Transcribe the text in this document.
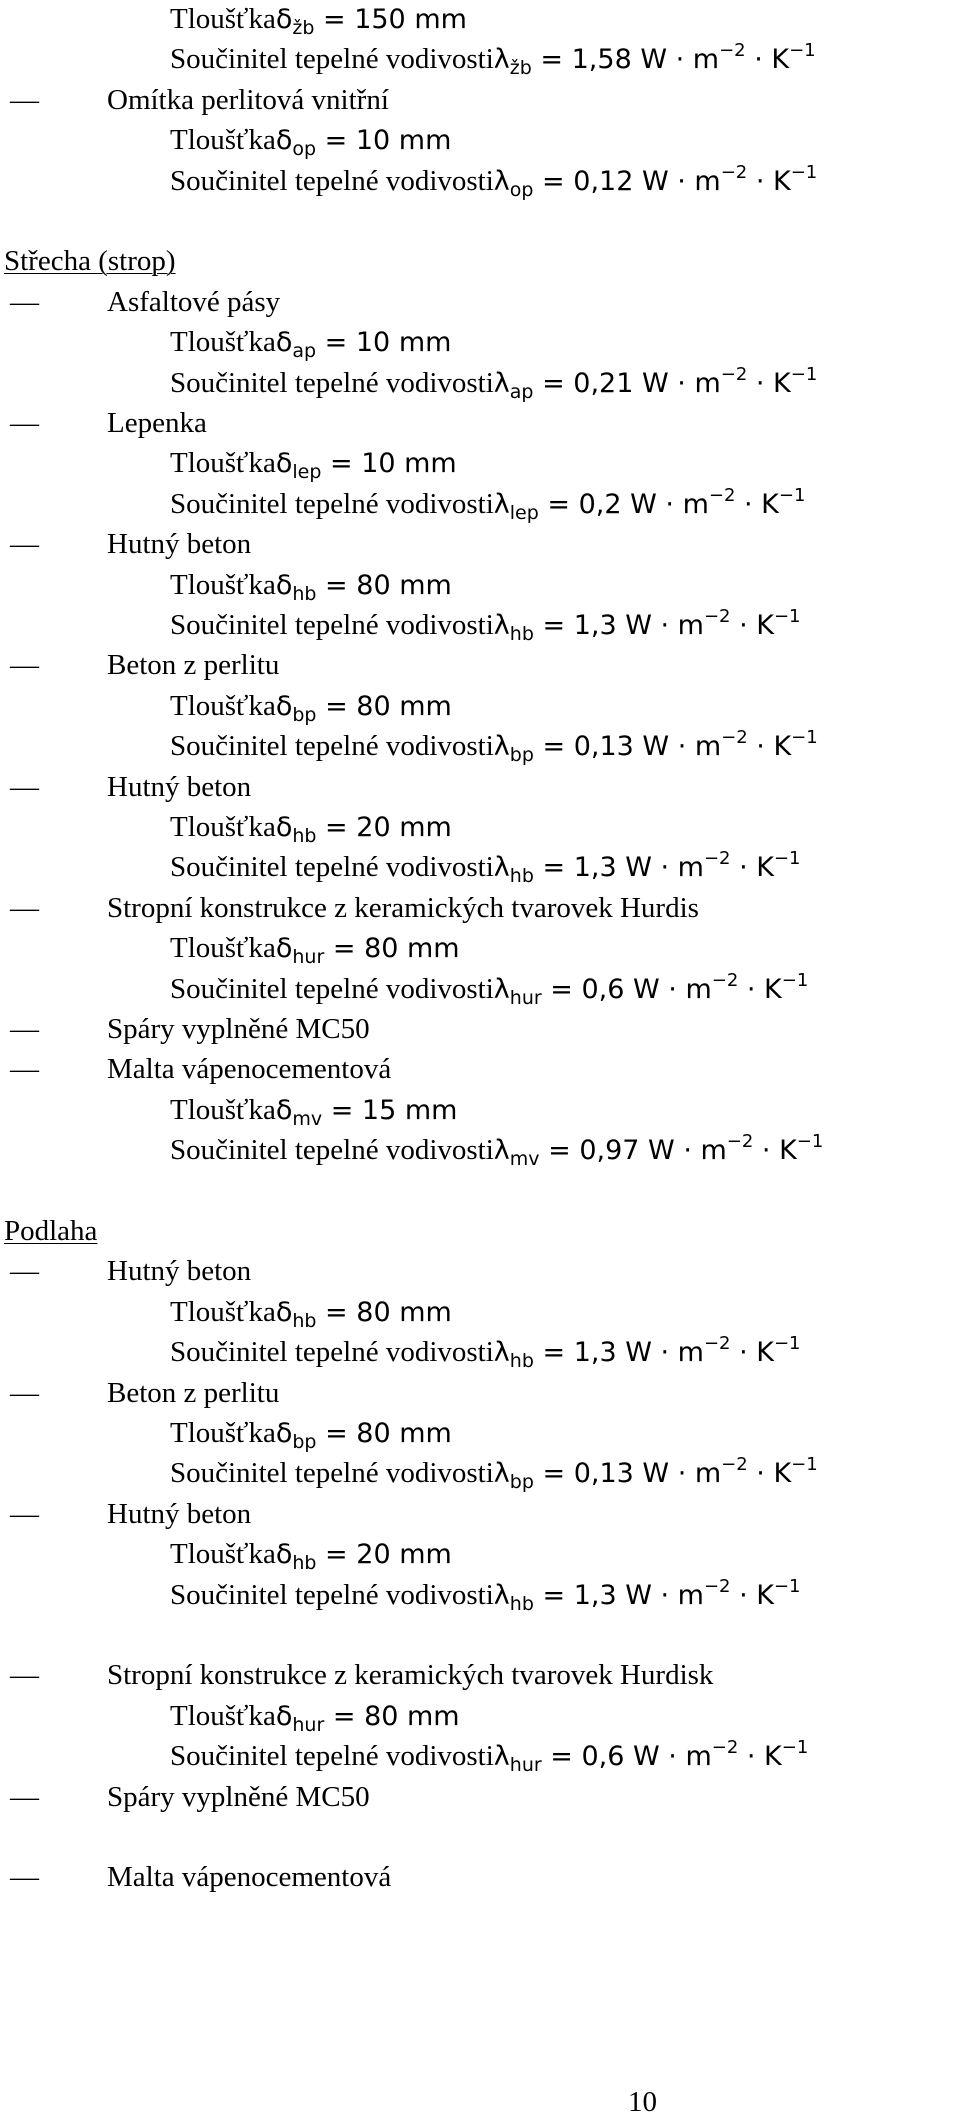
Tloušťkaδ$_{žb}$ = 150 mm
Součinitel tepelné vodivostiλ$_{žb}$ = 1,58 $W \cdot m^{-2} \cdot K^{-1}$
— Omítka perlitová vnitřní
Tloušťkaδ$_{op}$ = 10 mm
Součinitel tepelné vodivostiλ$_{op}$ = 0,12 $W \cdot m^{-2} \cdot K^{-1}$
Střecha (strop)
— Asfaltové pásy
Tloušťkaδ$_{ap}$ = 10 mm
Součinitel tepelné vodivostiλ$_{ap}$ = 0,21 $W \cdot m^{-2} \cdot K^{-1}$
— Lepenka
Tloušťkaδ$_{lep}$ = 10 mm
Součinitel tepelné vodivostiλ$_{lep}$ = 0,2 $W \cdot m^{-2} \cdot K^{-1}$
— Hutný beton
Tloušťkaδ$_{hb}$ = 80 mm
Součinitel tepelné vodivostiλ$_{hb}$ = 1,3 $W \cdot m^{-2} \cdot K^{-1}$
— Beton z perlitu
Tloušťkaδ$_{bp}$ = 80 mm
Součinitel tepelné vodivostiλ$_{bp}$ = 0,13 $W \cdot m^{-2} \cdot K^{-1}$
— Hutný beton
Tloušťkaδ$_{hb}$ = 20 mm
Součinitel tepelné vodivostiλ$_{hb}$ = 1,3 $W \cdot m^{-2} \cdot K^{-1}$
— Stropní konstrukce z keramických tvarovek Hurdis
Tloušťkaδ$_{hur}$ = 80 mm
Součinitel tepelné vodivostiλ$_{hur}$ = 0,6 $W \cdot m^{-2} \cdot K^{-1}$
— Spáry vyplněné MC50
— Malta vápenocementová
Tloušťkaδ$_{mv}$ = 15 mm
Součinitel tepelné vodivostiλ$_{mv}$ = 0,97 $W \cdot m^{-2} \cdot K^{-1}$
Podlaha
— Hutný beton
Tloušťkaδ$_{hb}$ = 80 mm
Součinitel tepelné vodivostiλ$_{hb}$ = 1,3 $W \cdot m^{-2} \cdot K^{-1}$
— Beton z perlitu
Tloušťkaδ$_{bp}$ = 80 mm
Součinitel tepelné vodivostiλ$_{bp}$ = 0,13 $W \cdot m^{-2} \cdot K^{-1}$
— Hutný beton
Tloušťkaδ$_{hb}$ = 20 mm
Součinitel tepelné vodivostiλ$_{hb}$ = 1,3 $W \cdot m^{-2} \cdot K^{-1}$
— Stropní konstrukce z keramických tvarovek Hurdisk
Tloušťkaδ$_{hur}$ = 80 mm
Součinitel tepelné vodivostiλ$_{hur}$ = 0,6 $W \cdot m^{-2} \cdot K^{-1}$
— Spáry vyplněné MC50
— Malta vápenocementová
10
